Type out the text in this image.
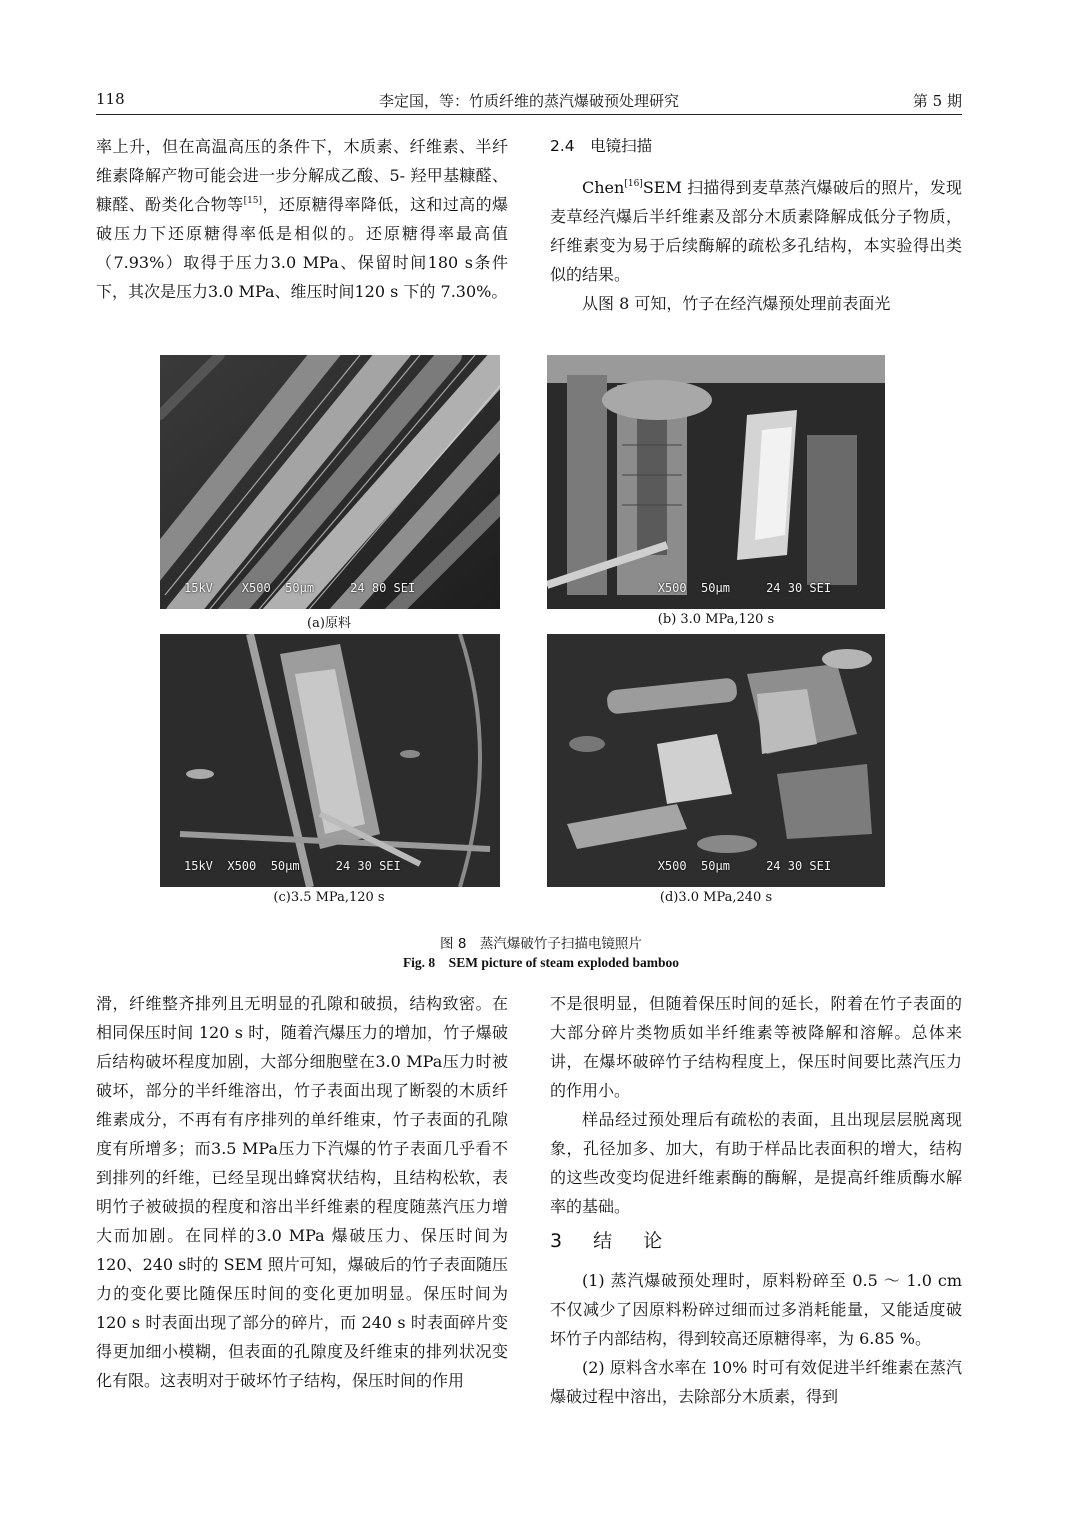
118	李定国，等：竹质纤维的蒸汽爆破预处理研究	第 5 期

率上升，但在高温高压的条件下，木质素、纤维素、半纤维素降解产物可能会进一步分解成乙酸、5- 羟甲基糠醛、糠醛、酚类化合物等[15]，还原糖得率降低，这和过高的爆破压力下还原糖得率低是相似的。还原糖得率最高值（7.93%）取得于压力3.0 MPa、保留时间180 s条件下，其次是压力3.0 MPa、维压时间120 s 下的 7.30%。

2.4　电镜扫描

Chen[16]SEM 扫描得到麦草蒸汽爆破后的照片，发现麦草经汽爆后半纤维素及部分木质素降解成低分子物质，纤维素变为易于后续酶解的疏松多孔结构，本实验得出类似的结果。

从图 8 可知，竹子在经汽爆预处理前表面光

15kV    X500  50μm     24 80 SEI
(a)原料
X500  50μm     24 30 SEI
(b) 3.0 MPa,120 s
15kV  X500  50μm     24 30 SEI
(c)3.5 MPa,120 s
X500  50μm     24 30 SEI
(d)3.0 MPa,240 s
图 8　蒸汽爆破竹子扫描电镜照片
Fig. 8　SEM picture of steam exploded bamboo

滑，纤维整齐排列且无明显的孔隙和破损，结构致密。在相同保压时间 120 s 时，随着汽爆压力的增加，竹子爆破后结构破坏程度加剧，大部分细胞壁在3.0 MPa压力时被破坏，部分的半纤维溶出，竹子表面出现了断裂的木质纤维素成分，不再有有序排列的单纤维束，竹子表面的孔隙度有所增多；而3.5 MPa压力下汽爆的竹子表面几乎看不到排列的纤维，已经呈现出蜂窝状结构，且结构松软，表明竹子被破损的程度和溶出半纤维素的程度随蒸汽压力增大而加剧。在同样的3.0 MPa 爆破压力、保压时间为120、240 s时的 SEM 照片可知，爆破后的竹子表面随压力的变化要比随保压时间的变化更加明显。保压时间为 120 s 时表面出现了部分的碎片，而 240 s 时表面碎片变得更加细小模糊，但表面的孔隙度及纤维束的排列状况变化有限。这表明对于破坏竹子结构，保压时间的作用

不是很明显，但随着保压时间的延长，附着在竹子表面的大部分碎片类物质如半纤维素等被降解和溶解。总体来讲，在爆坏破碎竹子结构程度上，保压时间要比蒸汽压力的作用小。

样品经过预处理后有疏松的表面，且出现层层脱离现象，孔径加多、加大，有助于样品比表面积的增大，结构的这些改变均促进纤维素酶的酶解，是提高纤维质酶水解率的基础。

3　结　论

(1) 蒸汽爆破预处理时，原料粉碎至 0.5 ～ 1.0 cm 不仅减少了因原料粉碎过细而过多消耗能量，又能适度破坏竹子内部结构，得到较高还原糖得率，为 6.85 %。

(2) 原料含水率在 10% 时可有效促进半纤维素在蒸汽爆破过程中溶出，去除部分木质素，得到
